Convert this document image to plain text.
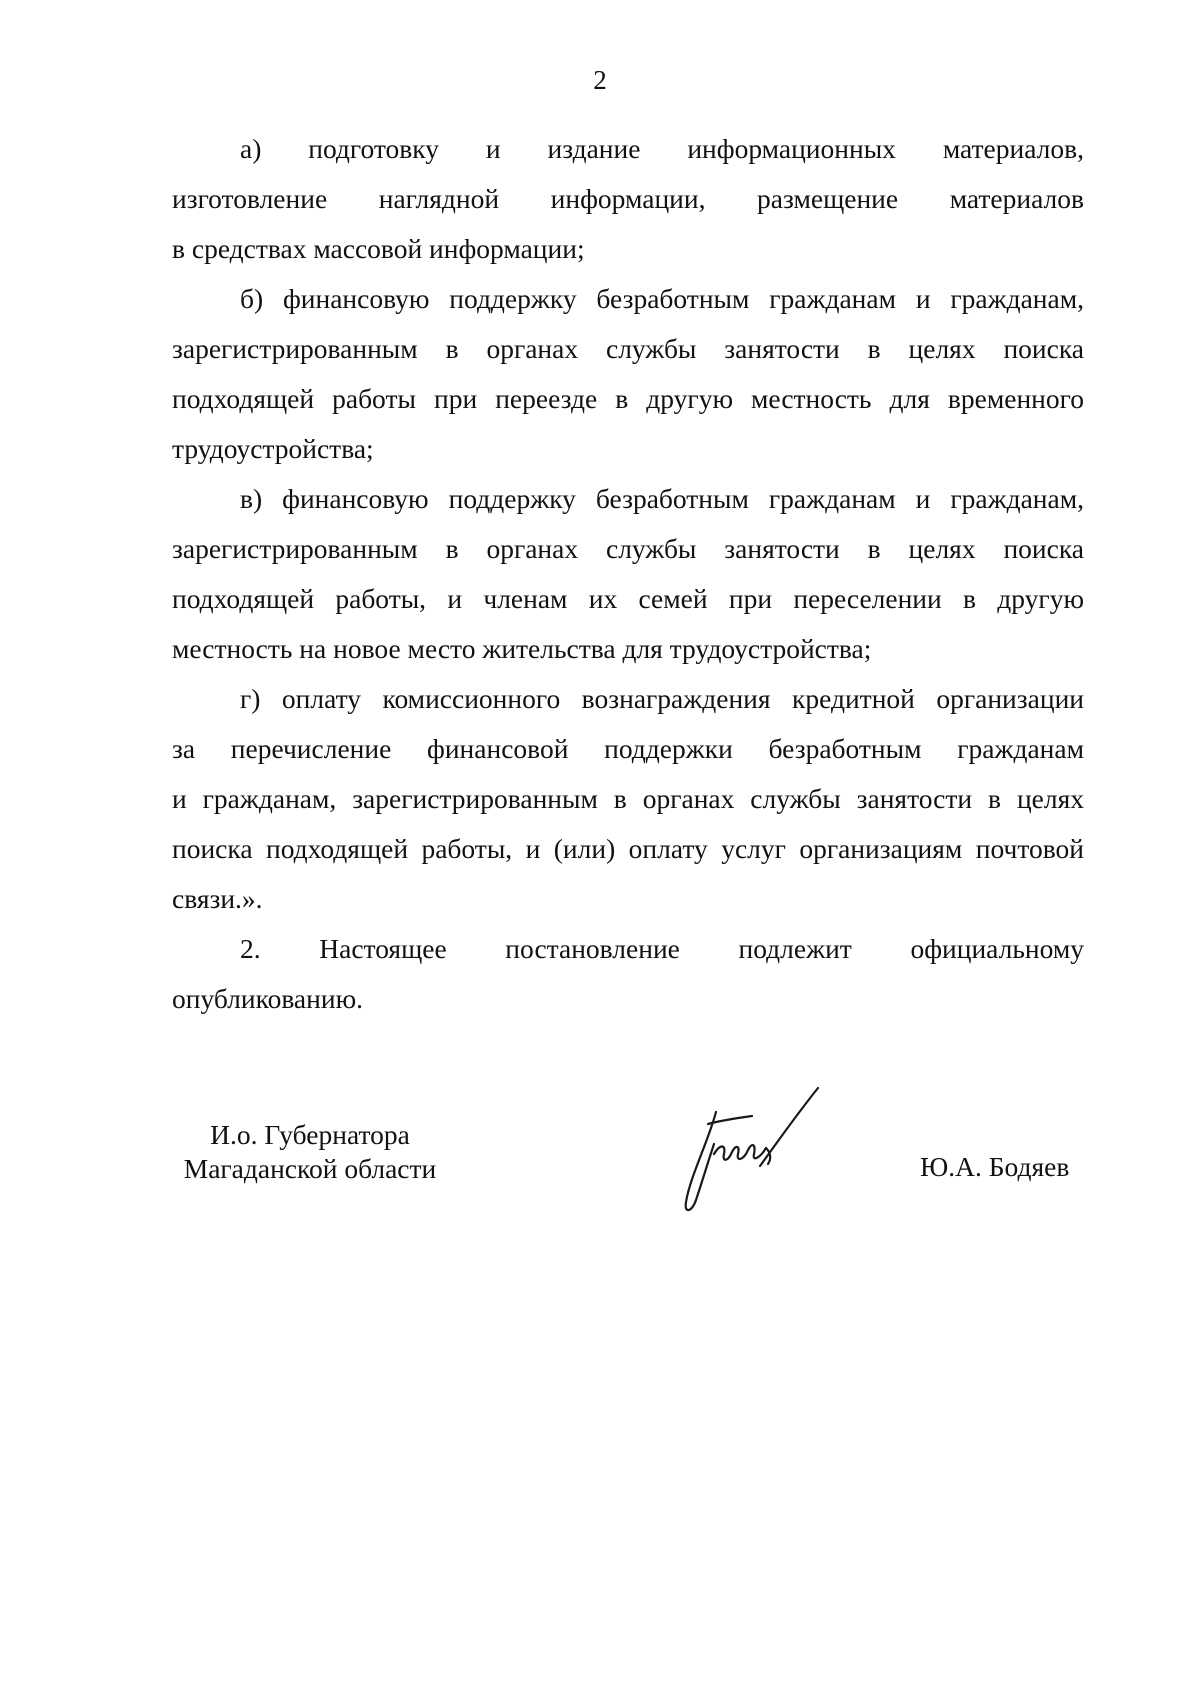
2
а) подготовку и издание информационных материалов,
изготовление наглядной информации, размещение материалов
в средствах массовой информации;
б) финансовую поддержку безработным гражданам и гражданам,
зарегистрированным в органах службы занятости в целях поиска
подходящей работы при переезде в другую местность для временного
трудоустройства;
в) финансовую поддержку безработным гражданам и гражданам,
зарегистрированным в органах службы занятости в целях поиска
подходящей работы, и членам их семей при переселении в другую
местность на новое место жительства для трудоустройства;
г) оплату комиссионного вознаграждения кредитной организации
за перечисление финансовой поддержки безработным гражданам
и гражданам, зарегистрированным в органах службы занятости в целях
поиска подходящей работы, и (или) оплату услуг организациям почтовой
связи.».
2. Настоящее постановление подлежит официальному
опубликованию.
И.о. Губернатора
Магаданской области	Ю.А. Бодяев
